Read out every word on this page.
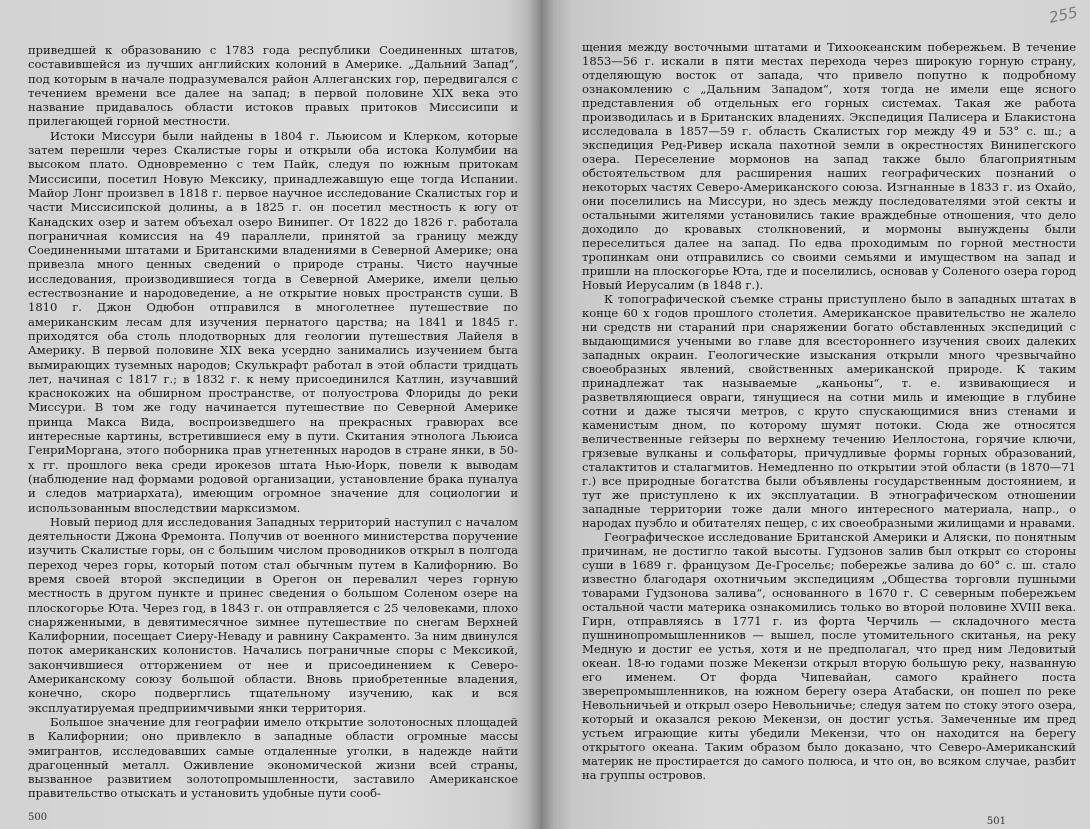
приведшей к образованию с 1783 года республики Соединенных штатов, составившейся из лучших английских колоний в Америке. „Дальний Запад“, под которым в начале подразумевался район Аллеганских гор, передвигался с течением времени все далее на запад; в первой половине XIX века это название придавалось области истоков правых притоков Миссисипи и прилегающей горной местности.

Истоки Миссури были найдены в 1804 г. Льюисом и Клерком, которые затем перешли через Скалистые горы и открыли оба истока Колумбии на высоком плато. Одновременно с тем Пайк, следуя по южным притокам Миссисипи, посетил Новую Мексику, принадлежавшую еще тогда Испании. Майор Лонг произвел в 1818 г. первое научное исследование Скалистых гор и части Миссисипской долины, а в 1825 г. он посетил местность к югу от Канадских озер и затем объехал озеро Винипег. От 1822 до 1826 г. работала пограничная комиссия на 49 параллели, принятой за границу между Соединенными штатами и Британскими владениями в Северной Америке; она привезла много ценных сведений о природе страны. Чисто научные исследования, производившиеся тогда в Северной Америке, имели целью естествознание и народоведение, а не открытие новых пространств суши. В 1810 г. Джон Одюбон отправился в многолетнее путешествие по американским лесам для изучения пернатого царства; на 1841 и 1845 г. приходятся оба столь плодотворных для геологии путешествия Лайеля в Америку. В первой половине XIX века усердно занимались изучением быта вымирающих туземных народов; Скулькрафт работал в этой области тридцать лет, начиная с 1817 г.; в 1832 г. к нему присоединился Катлин, изучавший краснокожих на обширном пространстве, от полуострова Флориды до реки Миссури. В том же году начинается путешествие по Северной Америке принца Макса Вида, воспроизведшего на прекрасных гравюрах все интересные картины, встретившиеся ему в пути. Скитания этнолога Льюиса ГенриМоргана, этого поборника прав угнетенных народов в стране янки, в 50-х гг. прошлого века среди ирокезов штата Нью-Иорк, повели к выводам (наблюдение над формами родовой организации, установление брака пуналуа и следов матриархата), имеющим огромное значение для социологии и использованным впоследствии марксизмом.

Новый период для исследования Западных территорий наступил с началом деятельности Джона Фремонта. Получив от военного министерства поручение изучить Скалистые горы, он с большим числом проводников открыл в полгода переход через горы, который потом стал обычным путем в Калифорнию. Во время своей второй экспедиции в Орегон он перевалил через горную местность в другом пункте и принес сведения о большом Соленом озере на плоскогорье Юта. Через год, в 1843 г. он отправляется с 25 человеками, плохо снаряженными, в девятимесячное зимнее путешествие по снегам Верхней Калифорнии, посещает Сиеру-Неваду и равнину Сакраменто. За ним двинулся поток американских колонистов. Начались пограничные споры с Мексикой, закончившиеся отторжением от нее и присоединением к Северо-Американскому союзу большой области. Вновь приобретенные владения, конечно, скоро подверглись тщательному изучению, как и вся эксплуатируемая предприимчивыми янки территория.

Большое значение для географии имело открытие золотоносных площадей в Калифорнии; оно привлекло в западные области огромные массы эмигрантов, исследовавших самые отдаленные уголки, в надежде найти драгоценный металл. Оживление экономической жизни всей страны, вызванное развитием золотопромышленности, заставило Американское правительство отыскать и установить удобные пути сооб-

500
255

щения между восточными штатами и Тихоокеанским побережьем. В течение 1853—56 г. искали в пяти местах перехода через широкую горную страну, отделяющую восток от запада, что привело попутно к подробному ознакомлению с „Дальним Западом“, хотя тогда не имели еще ясного представления об отдельных его горных системах. Такая же работа производилась и в Британских владениях. Экспедиция Палисера и Блакистона исследовала в 1857—59 г. область Скалистых гор между 49 и 53° с. ш.; а экспедиция Ред-Ривер искала пахотной земли в окрестностях Винипегского озера. Переселение мормонов на запад также было благоприятным обстоятельством для расширения наших географических познаний о некоторых частях Северо-Американского союза. Изгнанные в 1833 г. из Охайо, они поселились на Миссури, но здесь между последователями этой секты и остальными жителями установились такие враждебные отношения, что дело доходило до кровавых столкновений, и мормоны вынуждены были переселиться далее на запад. По едва проходимым по горной местности тропинкам они отправились со своими семьями и имуществом на запад и пришли на плоскогорье Юта, где и поселились, основав у Соленого озера город Новый Иерусалим (в 1848 г.).

К топографической съемке страны приступлено было в западных штатах в конце 60 х годов прошлого столетия. Американское правительство не жалело ни средств ни стараний при снаряжении богато обставленных экспедиций с выдающимися учеными во главе для всестороннего изучения своих далеких западных окраин. Геологические изыскания открыли много чрезвычайно своеобразных явлений, свойственных американской природе. К таким принадлежат так называемые „каньоны“, т. е. извивающиеся и разветвляющиеся овраги, тянущиеся на сотни миль и имеющие в глубине сотни и даже тысячи метров, с круто спускающимися вниз стенами и каменистым дном, по которому шумят потоки. Сюда же относятся величественные гейзеры по верхнему течению Иеллостона, горячие ключи, грязевые вулканы и сольфатоpы, причудливые формы горных образований, сталактитов и сталагмитов. Немедленно по открытии этой области (в 1870—71 г.) все природные богатства были объявлены государственным достоянием, и тут же приступлено к их эксплуатации. В этнографическом отношении западные территории тоже дали много интересного материала, напр., о народах пуэбло и обитателях пещер, с их своеобразными жилищами и нравами.

Географическое исследование Британской Америки и Аляски, по понятным причинам, не достигло такой высоты. Гудзонов залив был открыт со стороны суши в 1689 г. французом Де-Гросельє; побережье залива до 60° с. ш. стало известно благодаря охотничьим экспедициям „Общества торговли пушными товарами Гудзонова залива“, основанного в 1670 г. С северным побережьем остальной части материка ознакомились только во второй половине XVIII века. Гирн, отправляясь в 1771 г. из форта Черчиль — складочного места пушнинопромышленников — вышел, после утомительного скитанья, на реку Медную и достиг ее устья, хотя и не предполагал, что пред ним Ледовитый океан. 18-ю годами позже Мекензи открыл вторую большую реку, названную его именем. От форда Чипевайан, самого крайнего поста зверепромышленников, на южном берегу озера Атабаски, он пошел по реке Невольничьей и открыл озеро Невольничье; следуя затем по стоку этого озера, который и оказался рекою Мекензи, он достиг устья. Замеченные им пред устьем играющие киты убедили Мекензи, что он находится на берегу открытого океана. Таким образом было доказано, что Северо-Американский материк не простирается до самого полюса, и что он, во всяком случае, разбит на группы островов.

501
